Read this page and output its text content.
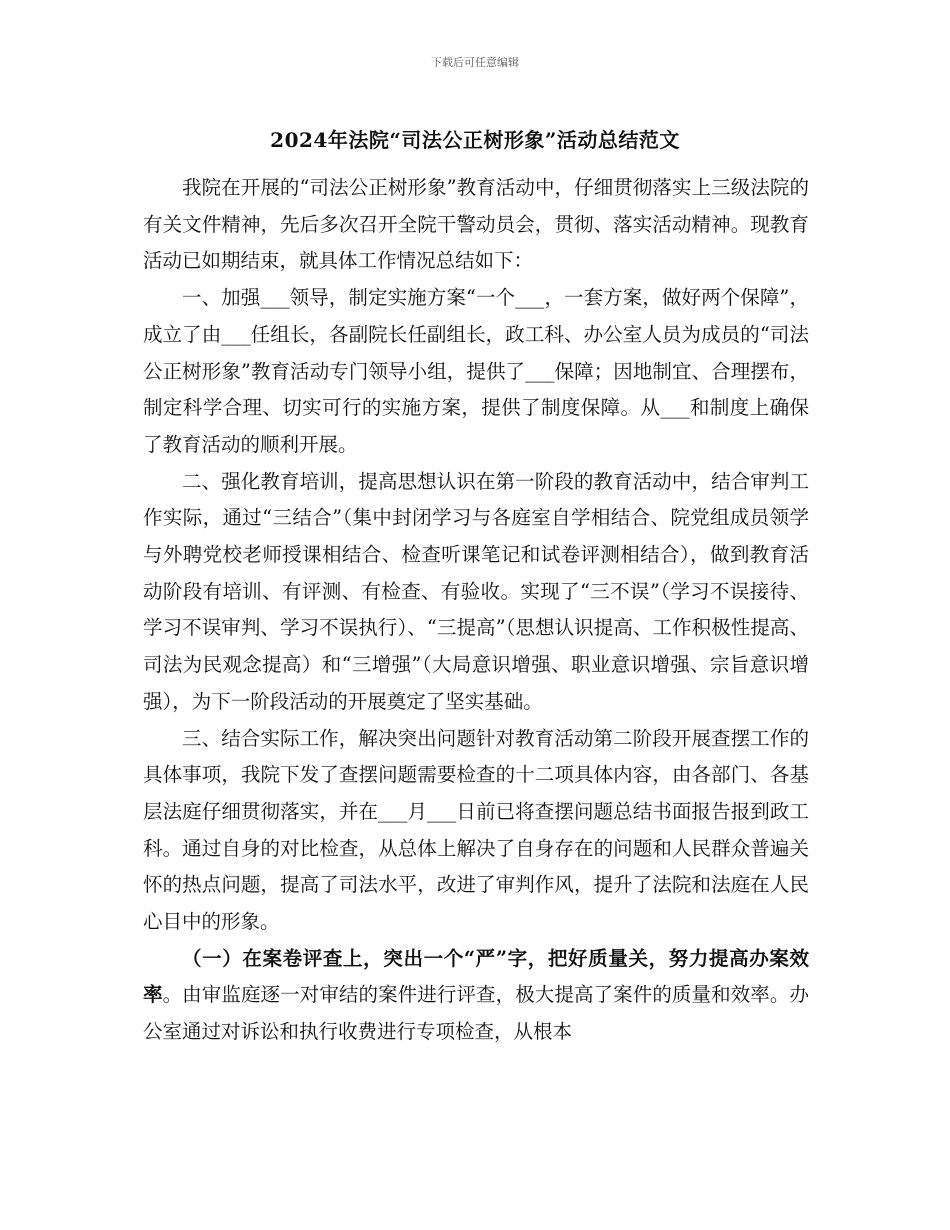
下载后可任意编辑
2024年法院“司法公正树形象”活动总结范文

我院在开展的“司法公正树形象”教育活动中，仔细贯彻落实上三级法院的有关文件精神，先后多次召开全院干警动员会，贯彻、落实活动精神。现教育活动已如期结束，就具体工作情况总结如下：

一、加强___领导，制定实施方案“一个___，一套方案，做好两个保障”，成立了由___任组长，各副院长任副组长，政工科、办公室人员为成员的“司法公正树形象”教育活动专门领导小组，提供了___保障；因地制宜、合理摆布，制定科学合理、切实可行的实施方案，提供了制度保障。从___和制度上确保了教育活动的顺利开展。

二、强化教育培训，提高思想认识在第一阶段的教育活动中，结合审判工作实际，通过“三结合”（集中封闭学习与各庭室自学相结合、院党组成员领学与外聘党校老师授课相结合、检查听课笔记和试卷评测相结合），做到教育活动阶段有培训、有评测、有检查、有验收。实现了“三不误”（学习不误接待、学习不误审判、学习不误执行）、“三提高”（思想认识提高、工作积极性提高、司法为民观念提高）和“三增强”（大局意识增强、职业意识增强、宗旨意识增强），为下一阶段活动的开展奠定了坚实基础。

三、结合实际工作，解决突出问题针对教育活动第二阶段开展查摆工作的具体事项，我院下发了查摆问题需要检查的十二项具体内容，由各部门、各基层法庭仔细贯彻落实，并在___月___日前已将查摆问题总结书面报告报到政工科。通过自身的对比检查，从总体上解决了自身存在的问题和人民群众普遍关怀的热点问题，提高了司法水平，改进了审判作风，提升了法院和法庭在人民心目中的形象。

（一）在案卷评查上，突出一个“严”字，把好质量关，努力提高办案效率。由审监庭逐一对审结的案件进行评查，极大提高了案件的质量和效率。办公室通过对诉讼和执行收费进行专项检查，从根本
